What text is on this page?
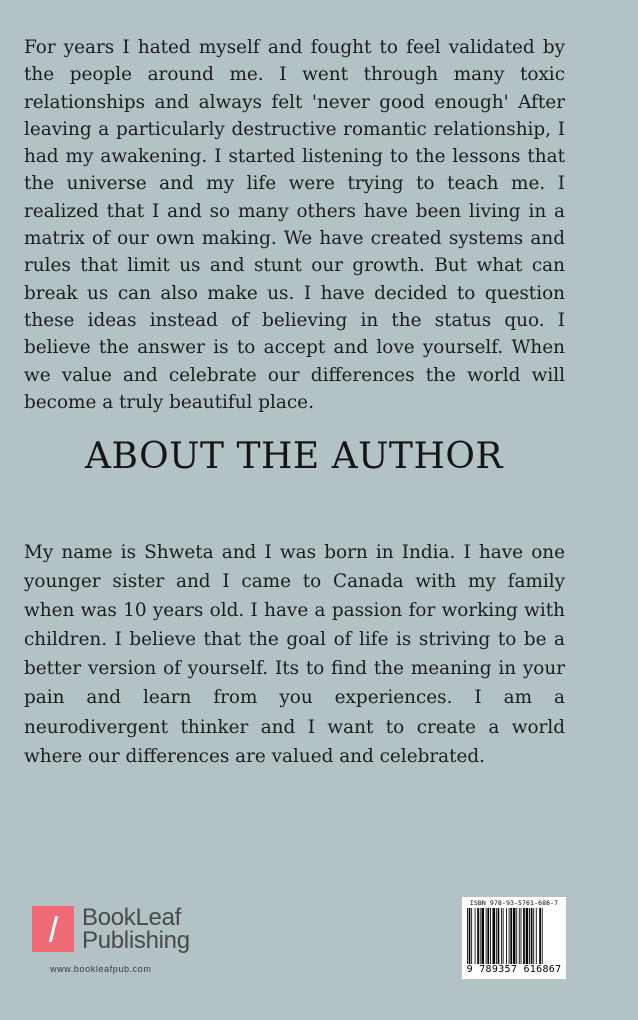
For years I hated myself and fought to feel validated by the people around me. I went through many toxic relationships and always felt 'never good enough' After leaving a particularly destructive romantic relationship, I had my awakening. I started listening to the lessons that the universe and my life were trying to teach me. I realized that I and so many others have been living in a matrix of our own making. We have created systems and rules that limit us and stunt our growth. But what can break us can also make us. I have decided to question these ideas instead of believing in the status quo. I believe the answer is to accept and love yourself. When we value and celebrate our differences the world will become a truly beautiful place.

ABOUT THE AUTHOR

My name is Shweta and I was born in India. I have one younger sister and I came to Canada with my family when was 10 years old. I have a passion for working with children. I believe that the goal of life is striving to be a better version of yourself. Its to find the meaning in your pain and learn from you experiences. I am a neurodivergent thinker and I want to create a world where our differences are valued and celebrated.

BookLeaf
Publishing
www.bookleafpub.com
ISBN 978-93-5761-686-7
9 789357 616867
